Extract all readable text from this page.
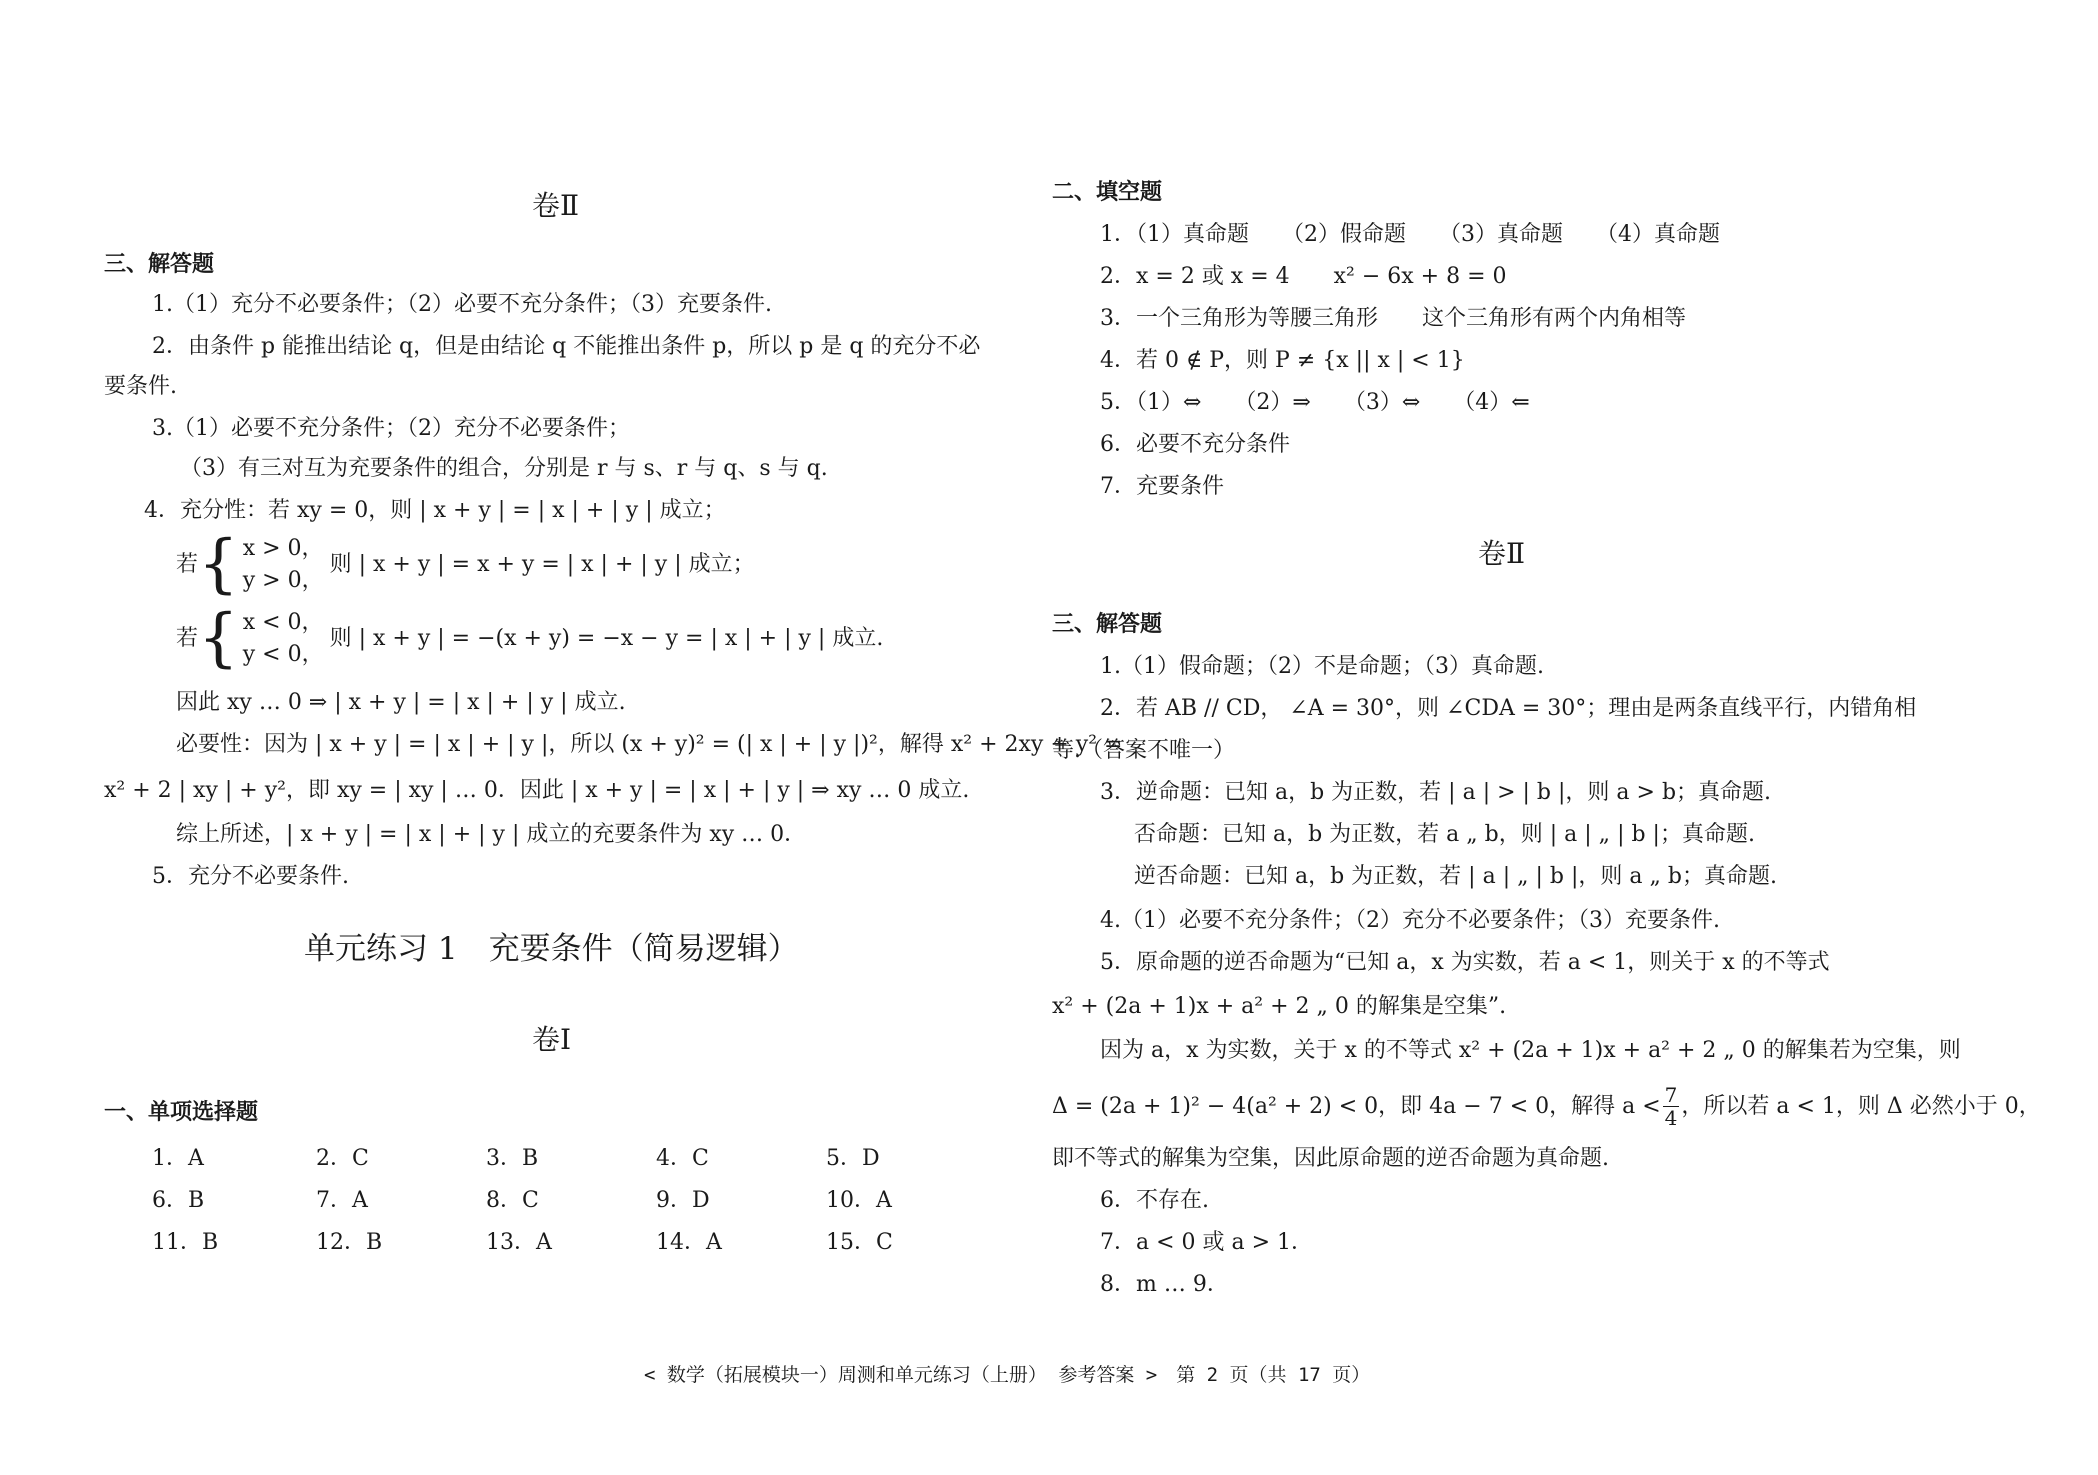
卷Ⅱ
三、解答题
1.（1）充分不必要条件；（2）必要不充分条件；（3）充要条件.
2．由条件 p 能推出结论 q，但是由结论 q 不能推出条件 p，所以 p 是 q 的充分不必
要条件.
3.（1）必要不充分条件；（2）充分不必要条件；
（3）有三对互为充要条件的组合，分别是 r 与 s、r 与 q、s 与 q.
4．充分性：若 xy = 0，则 | x + y | = | x | + | y | 成立；
若 { x > 0，
y > 0，
则 | x + y | = x + y = | x | + | y | 成立；
若 { x < 0，
y < 0，
则 | x + y | = −(x + y) = −x − y = | x | + | y | 成立.
因此 xy … 0 ⇒ | x + y | = | x | + | y | 成立.
必要性：因为 | x + y | = | x | + | y |，所以 (x + y)² = (| x | + | y |)²，解得 x² + 2xy + y² =
x² + 2 | xy | + y²，即 xy = | xy | … 0．因此 | x + y | = | x | + | y | ⇒ xy … 0 成立.
综上所述，| x + y | = | x | + | y | 成立的充要条件为 xy … 0．
5．充分不必要条件.
单元练习 1　充要条件（简易逻辑）
卷Ⅰ
一、单项选择题
1．A	2．C	3．B	4．C	5．D
6．B	7．A	8．C	9．D	10．A
11．B	12．B	13．A	14．A	15．C
二、填空题
1．（1）真命题　　（2）假命题　　（3）真命题　　（4）真命题
2．x = 2 或 x = 4　　x² − 6x + 8 = 0
3．一个三角形为等腰三角形　　这个三角形有两个内角相等
4．若 0 ∉ P，则 P ≠ {x || x | < 1}
5．（1）⇔　　（2）⇒　　（3）⇔　　（4）⇐
6．必要不充分条件
7．充要条件
卷Ⅱ
三、解答题
1.（1）假命题；（2）不是命题；（3）真命题.
2．若 AB // CD， ∠A = 30°，则 ∠CDA = 30°；理由是两条直线平行，内错角相
等.（答案不唯一）
3．逆命题：已知 a，b 为正数，若 | a | > | b |，则 a > b；真命题.
否命题：已知 a，b 为正数，若 a „ b，则 | a | „ | b |；真命题.
逆否命题：已知 a，b 为正数，若 | a | „ | b |，则 a „ b；真命题.
4.（1）必要不充分条件；（2）充分不必要条件；（3）充要条件.
5．原命题的逆否命题为“已知 a，x 为实数，若 a < 1，则关于 x 的不等式
x² + (2a + 1)x + a² + 2 „ 0 的解集是空集”.
因为 a，x 为实数，关于 x 的不等式 x² + (2a + 1)x + a² + 2 „ 0 的解集若为空集，则
Δ = (2a + 1)² − 4(a² + 2) < 0，即 4a − 7 < 0，解得 $a < \frac{7}{4}$ ，所以若 a < 1，则 Δ 必然小于 0，
即不等式的解集为空集，因此原命题的逆否命题为真命题.
6．不存在.
7．a < 0 或 a > 1．
8．m … 9．
< 数学（拓展模块一）周测和单元练习（上册） 参考答案 >　第 2 页（共 17 页）
